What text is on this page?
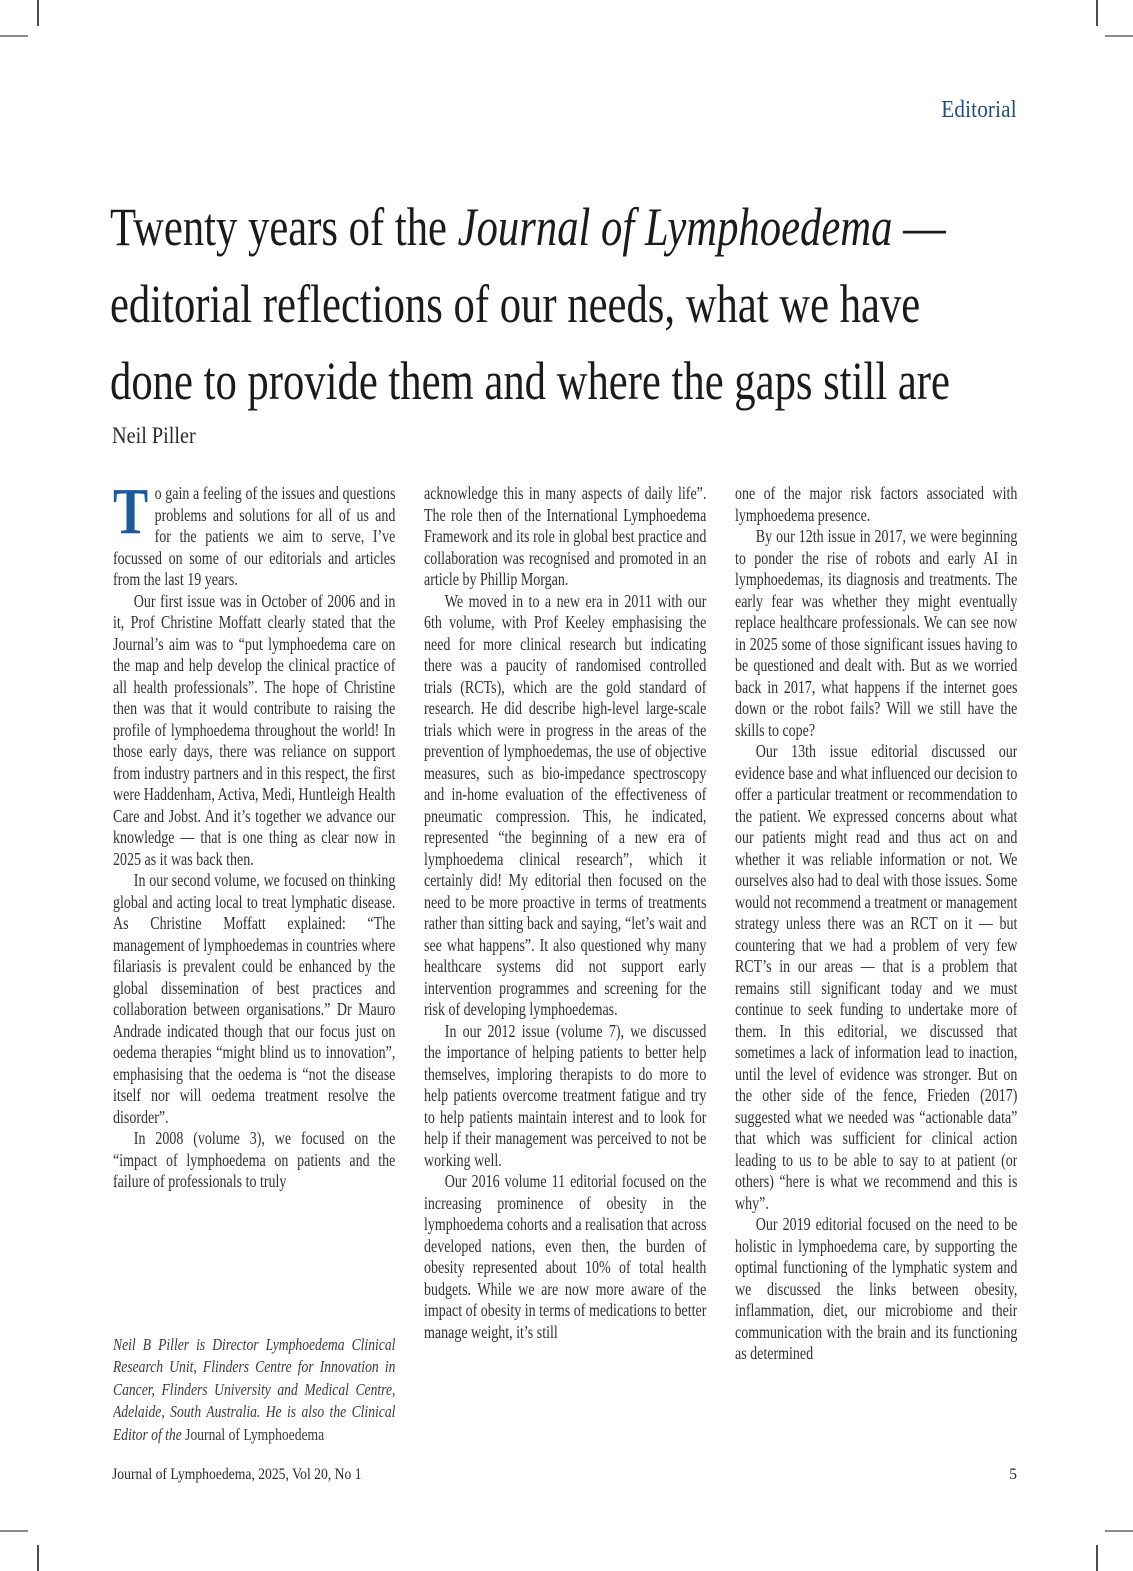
Editorial
Twenty years of the Journal of Lymphoedema —
editorial reflections of our needs, what we have
done to provide them and where the gaps still are
Neil Piller

To gain a feeling of the issues and questions problems and solutions for all of us and for the patients we aim to serve, I’ve focussed on some of our editorials and articles from the last 19 years.

Our first issue was in October of 2006 and in it, Prof Christine Moffatt clearly stated that the Journal’s aim was to “put lymphoedema care on the map and help develop the clinical practice of all health professionals”. The hope of Christine then was that it would contribute to raising the profile of lymphoedema throughout the world! In those early days, there was reliance on support from industry partners and in this respect, the first were Haddenham, Activa, Medi, Huntleigh Health Care and Jobst. And it’s together we advance our knowledge — that is one thing as clear now in 2025 as it was back then.

In our second volume, we focused on thinking global and acting local to treat lymphatic disease. As Christine Moffatt explained: “The management of lymphoedemas in countries where filariasis is prevalent could be enhanced by the global dissemination of best practices and collaboration between organisations.” Dr Mauro Andrade indicated though that our focus just on oedema therapies “might blind us to innovation”, emphasising that the oedema is “not the disease itself nor will oedema treatment resolve the disorder”.

In 2008 (volume 3), we focused on the “impact of lymphoedema on patients and the failure of professionals to truly

Neil B Piller is Director Lymphoedema Clinical Research Unit, Flinders Centre for Innovation in Cancer, Flinders University and Medical Centre, Adelaide, South Australia. He is also the Clinical Editor of the Journal of Lymphoedema

acknowledge this in many aspects of daily life”. The role then of the International Lymphoedema Framework and its role in global best practice and collaboration was recognised and promoted in an article by Phillip Morgan.

We moved in to a new era in 2011 with our 6th volume, with Prof Keeley emphasising the need for more clinical research but indicating there was a paucity of randomised controlled trials (RCTs), which are the gold standard of research. He did describe high-level large-scale trials which were in progress in the areas of the prevention of lymphoedemas, the use of objective measures, such as bio-impedance spectroscopy and in-home evaluation of the effectiveness of pneumatic compression. This, he indicated, represented “the beginning of a new era of lymphoedema clinical research”, which it certainly did! My editorial then focused on the need to be more proactive in terms of treatments rather than sitting back and saying, “let’s wait and see what happens”. It also questioned why many healthcare systems did not support early intervention programmes and screening for the risk of developing lymphoedemas.

In our 2012 issue (volume 7), we discussed the importance of helping patients to better help themselves, imploring therapists to do more to help patients overcome treatment fatigue and try to help patients maintain interest and to look for help if their management was perceived to not be working well.

Our 2016 volume 11 editorial focused on the increasing prominence of obesity in the lymphoedema cohorts and a realisation that across developed nations, even then, the burden of obesity represented about 10% of total health budgets. While we are now more aware of the impact of obesity in terms of medications to better manage weight, it’s still

one of the major risk factors associated with lymphoedema presence.

By our 12th issue in 2017, we were beginning to ponder the rise of robots and early AI in lymphoedemas, its diagnosis and treatments. The early fear was whether they might eventually replace healthcare professionals. We can see now in 2025 some of those significant issues having to be questioned and dealt with. But as we worried back in 2017, what happens if the internet goes down or the robot fails? Will we still have the skills to cope?

Our 13th issue editorial discussed our evidence base and what influenced our decision to offer a particular treatment or recommendation to the patient. We expressed concerns about what our patients might read and thus act on and whether it was reliable information or not. We ourselves also had to deal with those issues. Some would not recommend a treatment or management strategy unless there was an RCT on it — but countering that we had a problem of very few RCT’s in our areas — that is a problem that remains still significant today and we must continue to seek funding to undertake more of them. In this editorial, we discussed that sometimes a lack of information lead to inaction, until the level of evidence was stronger. But on the other side of the fence, Frieden (2017) suggested what we needed was “actionable data” that which was sufficient for clinical action leading to us to be able to say to at patient (or others) “here is what we recommend and this is why”.

Our 2019 editorial focused on the need to be holistic in lymphoedema care, by supporting the optimal functioning of the lymphatic system and we discussed the links between obesity, inflammation, diet, our microbiome and their communication with the brain and its functioning as determined

Journal of Lymphoedema, 2025, Vol 20, No 1	5
